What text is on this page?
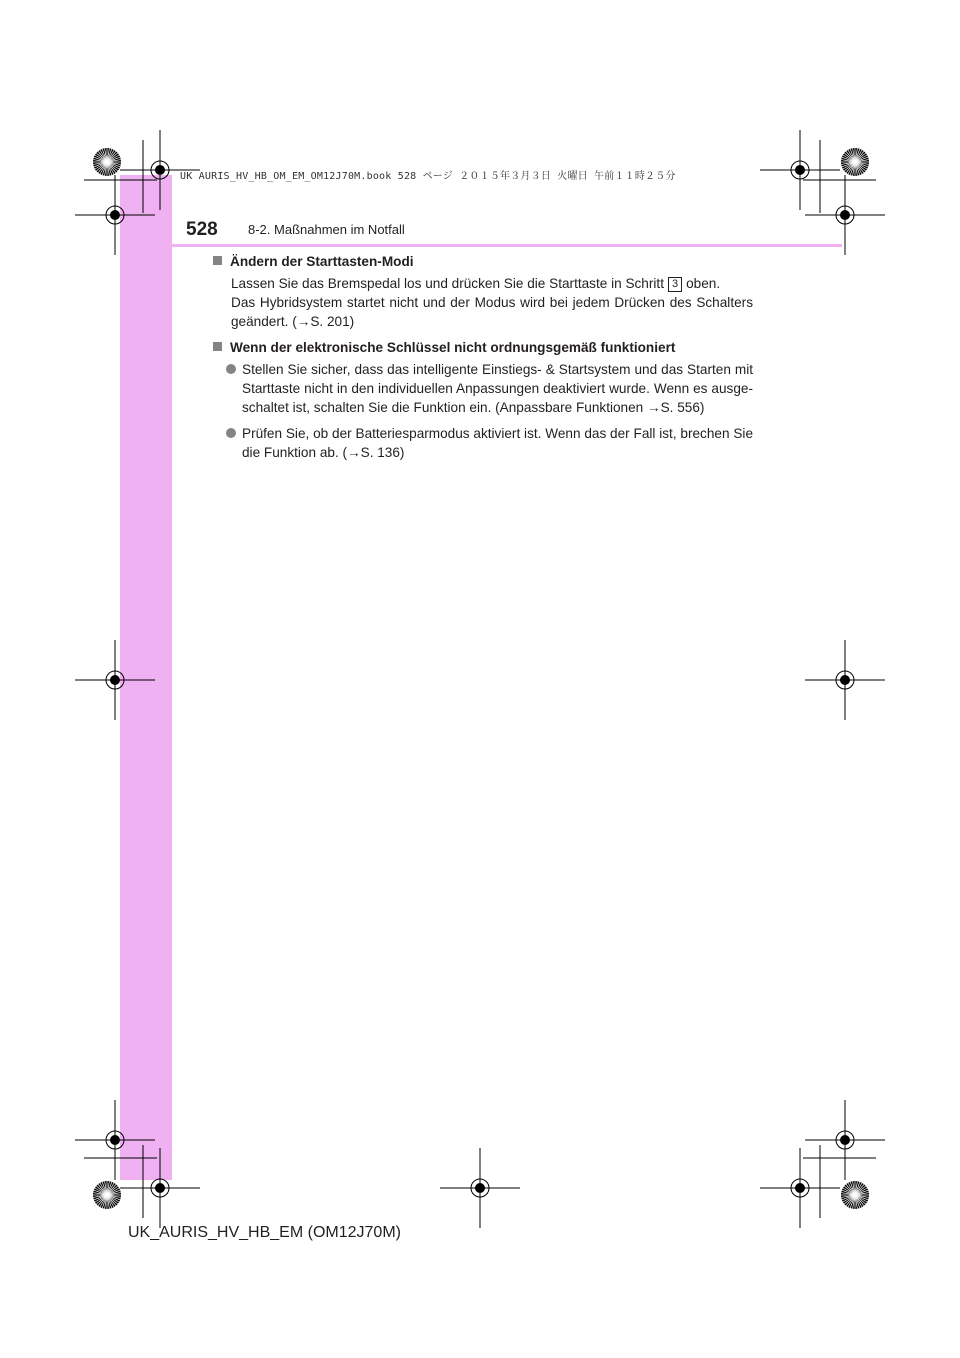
UK AURIS_HV_HB_OM_EM_OM12J70M.book 528 ページ ２０１５年３月３日 火曜日 午前１１時２５分
528 8-2. Maßnahmen im Notfall
Ändern der Starttasten-Modi
Lassen Sie das Bremspedal los und drücken Sie die Starttaste in Schritt 3 oben.
Das Hybridsystem startet nicht und der Modus wird bei jedem Drücken des Schalters geändert. (→S. 201)
Wenn der elektronische Schlüssel nicht ordnungsgemäß funktioniert
Stellen Sie sicher, dass das intelligente Einstiegs- & Startsystem und das Starten mit Starttaste nicht in den individuellen Anpassungen deaktiviert wurde. Wenn es ausgeschaltet ist, schalten Sie die Funktion ein. (Anpassbare Funktionen →S. 556)
Prüfen Sie, ob der Batteriesparmodus aktiviert ist. Wenn das der Fall ist, brechen Sie die Funktion ab. (→S. 136)
UK_AURIS_HV_HB_EM (OM12J70M)
